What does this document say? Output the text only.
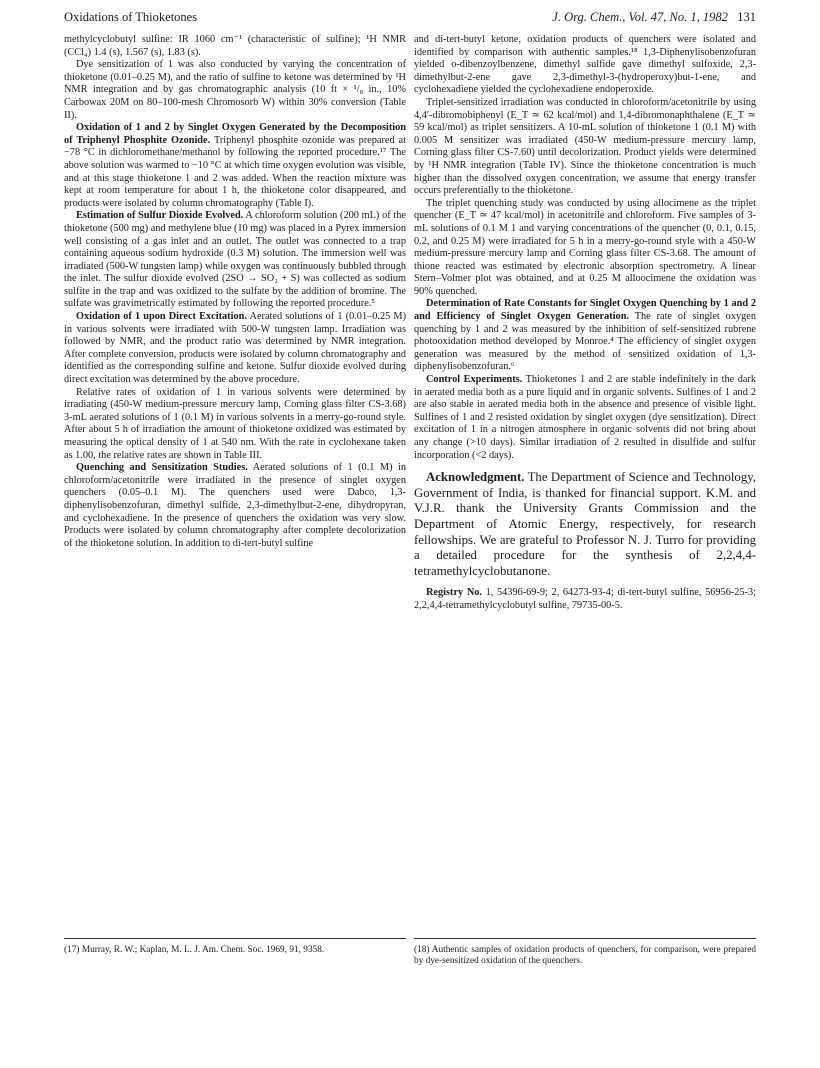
Oxidations of Thioketones	J. Org. Chem., Vol. 47, No. 1, 1982 131

methylcyclobutyl sulfine: IR 1060 cm⁻¹ (characteristic of sulfine); ¹H NMR (CCl₄) 1.4 (s), 1.567 (s), 1.83 (s).

Dye sensitization of 1 was also conducted by varying the concentration of thioketone (0.01–0.25 M), and the ratio of sulfine to ketone was determined by ¹H NMR integration and by gas chromatographic analysis (10 ft × ¹/₈ in., 10% Carbowax 20M on 80–100-mesh Chromosorb W) within 30% conversion (Table II).

Oxidation of 1 and 2 by Singlet Oxygen Generated by the Decomposition of Triphenyl Phosphite Ozonide. Triphenyl phosphite ozonide was prepared at −78 °C in dichloromethane/methanol by following the reported procedure.¹⁷ The above solution was warmed to −10 °C at which time oxygen evolution was visible, and at this stage thioketone 1 and 2 was added. When the reaction mixture was kept at room temperature for about 1 h, the thioketone color disappeared, and products were isolated by column chromatography (Table I).

Estimation of Sulfur Dioxide Evolved. A chloroform solution (200 mL) of the thioketone (500 mg) and methylene blue (10 mg) was placed in a Pyrex immersion well consisting of a gas inlet and an outlet. The outlet was connected to a trap containing aqueous sodium hydroxide (0.3 M) solution. The immersion well was irradiated (500-W tungsten lamp) while oxygen was continuously bubbled through the inlet. The sulfur dioxide evolved (2SO → SO₂ + S) was collected as sodium sulfite in the trap and was oxidized to the sulfate by the addition of bromine. The sulfate was gravimetrically estimated by following the reported procedure.⁵

Oxidation of 1 upon Direct Excitation. Aerated solutions of 1 (0.01–0.25 M) in various solvents were irradiated with 500-W tungsten lamp. Irradiation was followed by NMR, and the product ratio was determined by NMR integration. After complete conversion, products were isolated by column chromatography and identified as the corresponding sulfine and ketone. Sulfur dioxide evolved during direct excitation was determined by the above procedure.

Relative rates of oxidation of 1 in various solvents were determined by irradiating (450-W medium-pressure mercury lamp, Corning glass filter CS-3.68) 3-mL aerated solutions of 1 (0.1 M) in various solvents in a merry-go-round style. After about 5 h of irradiation the amount of thioketone oxidized was estimated by measuring the optical density of 1 at 540 nm. With the rate in cyclohexane taken as 1.00, the relative rates are shown in Table III.

Quenching and Sensitization Studies. Aerated solutions of 1 (0.1 M) in chloroform/acetonitrile were irradiated in the presence of singlet oxygen quenchers (0.05–0.1 M). The quenchers used were Dabco, 1,3-diphenylisobenzofuran, dimethyl sulfide, 2,3-dimethylbut-2-ene, dihydropyran, and cyclohexadiene. In the presence of quenchers the oxidation was very slow. Products were isolated by column chromatography after complete decolorization of the thioketone solution. In addition to di-tert-butyl sulfine

and di-tert-butyl ketone, oxidation products of quenchers were isolated and identified by comparison with authentic samples.¹⁸ 1,3-Diphenylisobenzofuran yielded o-dibenzoylbenzene, dimethyl sulfide gave dimethyl sulfoxide, 2,3-dimethylbut-2-ene gave 2,3-dimethyl-3-(hydroperoxy)but-1-ene, and cyclohexadiene yielded the cyclohexadiene endoperoxide.

Triplet-sensitized irradiation was conducted in chloroform/acetonitrile by using 4,4′-dibromobiphenyl (E_T ≃ 62 kcal/mol) and 1,4-dibromonaphthalene (E_T ≃ 59 kcal/mol) as triplet sensitizers. A 10-mL solution of thioketone 1 (0.1 M) with 0.005 M sensitizer was irradiated (450-W medium-pressure mercury lamp, Corning glass filter CS-7.60) until decolorization. Product yields were determined by ¹H NMR integration (Table IV). Since the thioketone concentration is much higher than the dissolved oxygen concentration, we assume that energy transfer occurs preferentially to the thioketone.

The triplet quenching study was conducted by using allocimene as the triplet quencher (E_T ≃ 47 kcal/mol) in acetonitrile and chloroform. Five samples of 3-mL solutions of 0.1 M 1 and varying concentrations of the quencher (0, 0.1, 0.15, 0.2, and 0.25 M) were irradiated for 5 h in a merry-go-round style with a 450-W medium-pressure mercury lamp and Corning glass filter CS-3.68. The amount of thione reacted was estimated by electronic absorption spectrometry. A linear Stern–Volmer plot was obtained, and at 0.25 M alloocimene the oxidation was 90% quenched.

Determination of Rate Constants for Singlet Oxygen Quenching by 1 and 2 and Efficiency of Singlet Oxygen Generation. The rate of singlet oxygen quenching by 1 and 2 was measured by the inhibition of self-sensitized rubrene photooxidation method developed by Monroe.⁴ The efficiency of singlet oxygen generation was measured by the method of sensitized oxidation of 1,3-diphenylisobenzofuran.⁶

Control Experiments. Thioketones 1 and 2 are stable indefinitely in the dark in aerated media both as a pure liquid and in organic solvents. Sulfines of 1 and 2 are also stable in aerated media both in the absence and presence of visible light. Sulfines of 1 and 2 resisted oxidation by singlet oxygen (dye sensitization). Direct excitation of 1 in a nitrogen atmosphere in organic solvents did not bring about any change (>10 days). Similar irradiation of 2 resulted in disulfide and sulfur incorporation (<2 days).

Acknowledgment. The Department of Science and Technology, Government of India, is thanked for financial support. K.M. and V.J.R. thank the University Grants Commission and the Department of Atomic Energy, respectively, for research fellowships. We are grateful to Professor N. J. Turro for providing a detailed procedure for the synthesis of 2,2,4,4-tetramethylcyclobutanone.

Registry No. 1, 54396-69-9; 2, 64273-93-4; di-tert-butyl sulfine, 56956-25-3; 2,2,4,4-tetramethylcyclobutyl sulfine, 79735-00-5.

(17) Murray, R. W.; Kaplan, M. L. J. Am. Chem. Soc. 1969, 91, 9358.	(18) Authentic samples of oxidation products of quenchers, for comparison, were prepared by dye-sensitized oxidation of the quenchers.
